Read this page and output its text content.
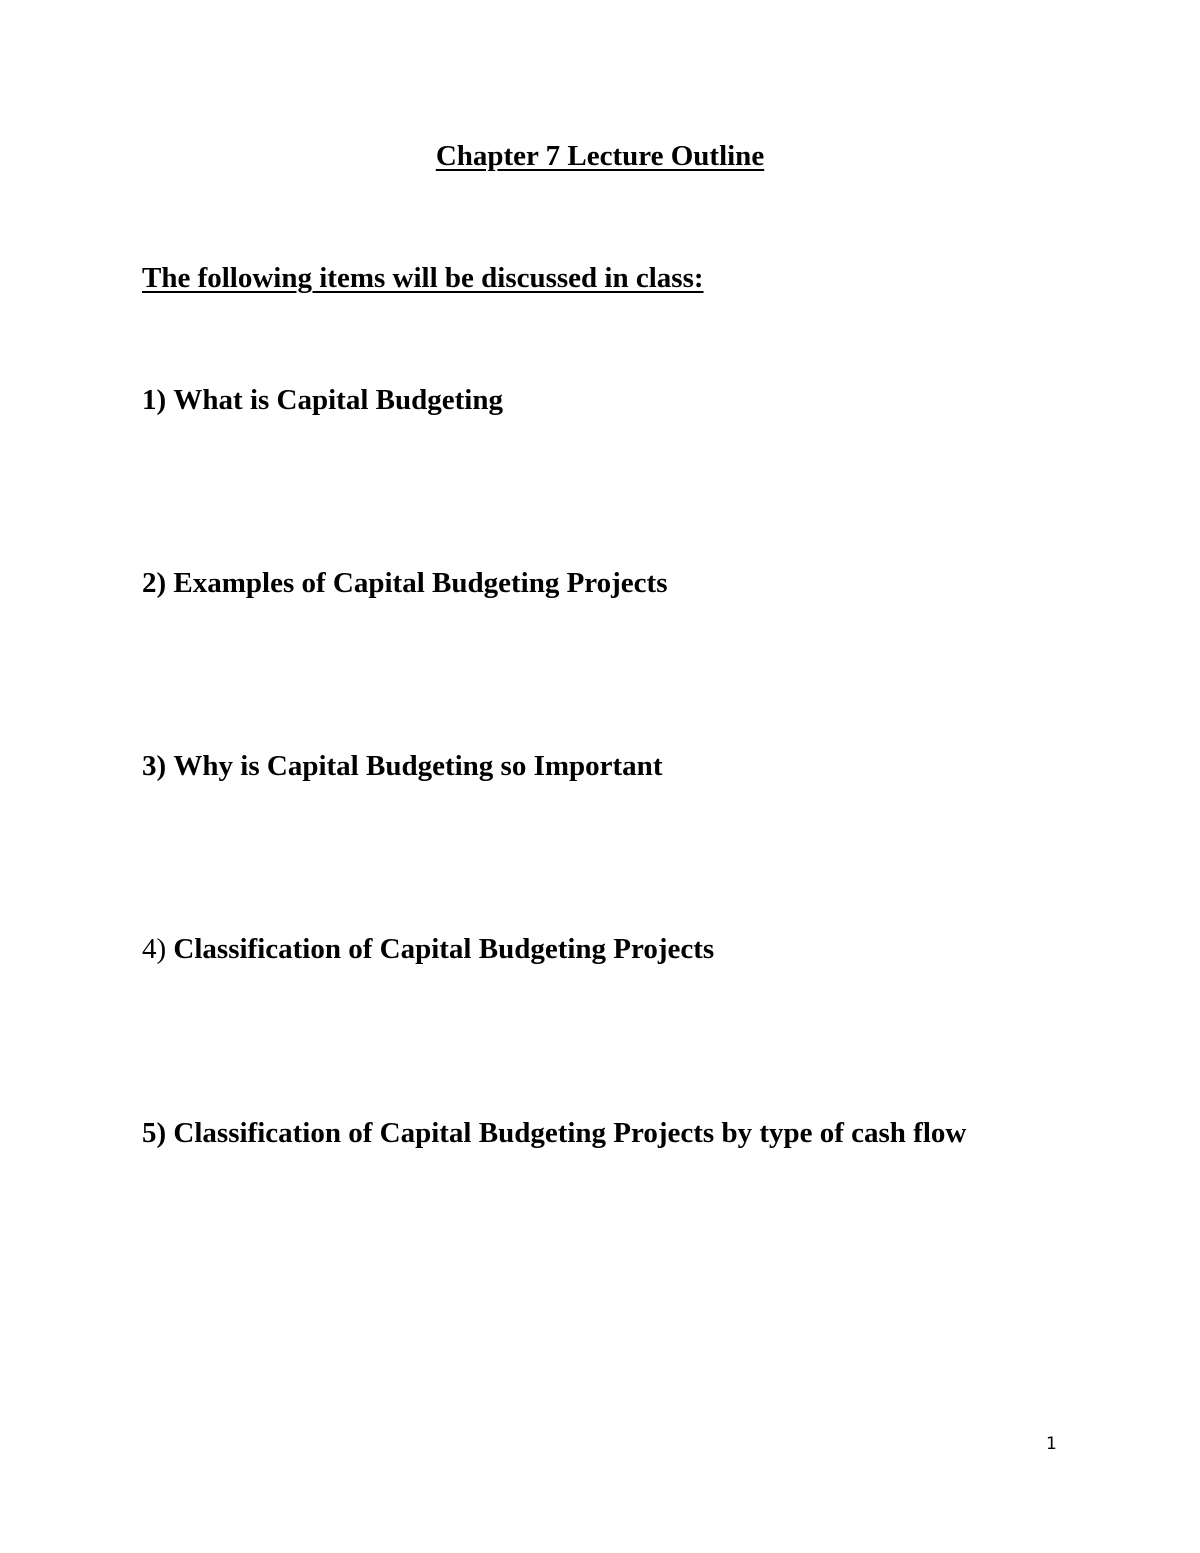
Chapter 7 Lecture Outline
The following items will be discussed in class:
1) What is Capital Budgeting
2) Examples of Capital Budgeting Projects
3) Why is Capital Budgeting so Important
4) Classification of Capital Budgeting Projects
5) Classification of Capital Budgeting Projects by type of cash flow
1
